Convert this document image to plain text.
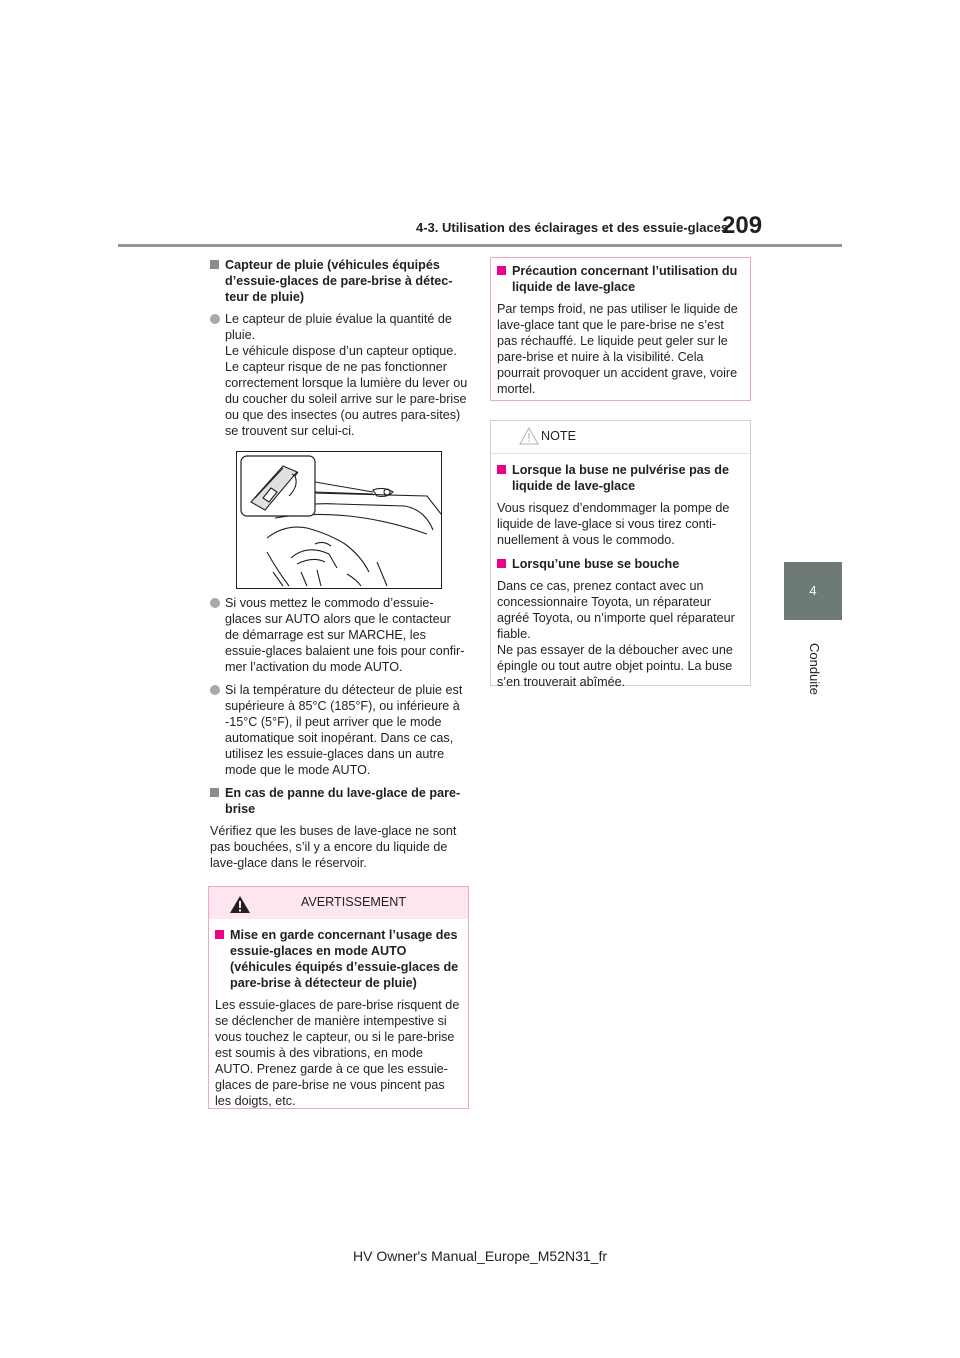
4-3. Utilisation des éclairages et des essuie-glaces
209
4
Conduite

Capteur de pluie (véhicules équipés d’essuie-glaces de pare-brise à détec-teur de pluie)

Le capteur de pluie évalue la quantité de pluie.

Le véhicule dispose d’un capteur optique. Le capteur risque de ne pas fonctionner correctement lorsque la lumière du lever ou du coucher du soleil arrive sur le pare-brise ou que des insectes (ou autres para-sites) se trouvent sur celui-ci.

Si vous mettez le commodo d’essuie-glaces sur AUTO alors que le contacteur de démarrage est sur MARCHE, les essuie-glaces balaient une fois pour confir-mer l’activation du mode AUTO.

Si la température du détecteur de pluie est supérieure à 85°C (185°F), ou inférieure à -15°C (5°F), il peut arriver que le mode automatique soit inopérant. Dans ce cas, utilisez les essuie-glaces dans un autre mode que le mode AUTO.

En cas de panne du lave-glace de pare-brise

Vérifiez que les buses de lave-glace ne sont pas bouchées, s’il y a encore du liquide de lave-glace dans le réservoir.

AVERTISSEMENT

Mise en garde concernant l’usage des essuie-glaces en mode AUTO (véhicules équipés d’essuie-glaces de pare-brise à détecteur de pluie)

Les essuie-glaces de pare-brise risquent de se déclencher de manière intempestive si vous touchez le capteur, ou si le pare-brise est soumis à des vibrations, en mode AUTO. Prenez garde à ce que les essuie-glaces de pare-brise ne vous pincent pas les doigts, etc.

Précaution concernant l’utilisation du liquide de lave-glace

Par temps froid, ne pas utiliser le liquide de lave-glace tant que le pare-brise ne s’est pas réchauffé. Le liquide peut geler sur le pare-brise et nuire à la visibilité. Cela pourrait provoquer un accident grave, voire mortel.

NOTE

Lorsque la buse ne pulvérise pas de liquide de lave-glace

Vous risquez d’endommager la pompe de liquide de lave-glace si vous tirez conti-nuellement à vous le commodo.

Lorsqu’une buse se bouche

Dans ce cas, prenez contact avec un concessionnaire Toyota, un réparateur agréé Toyota, ou n’importe quel réparateur fiable.

Ne pas essayer de la déboucher avec une épingle ou tout autre objet pointu. La buse s’en trouverait abîmée.

HV Owner's Manual_Europe_M52N31_fr
